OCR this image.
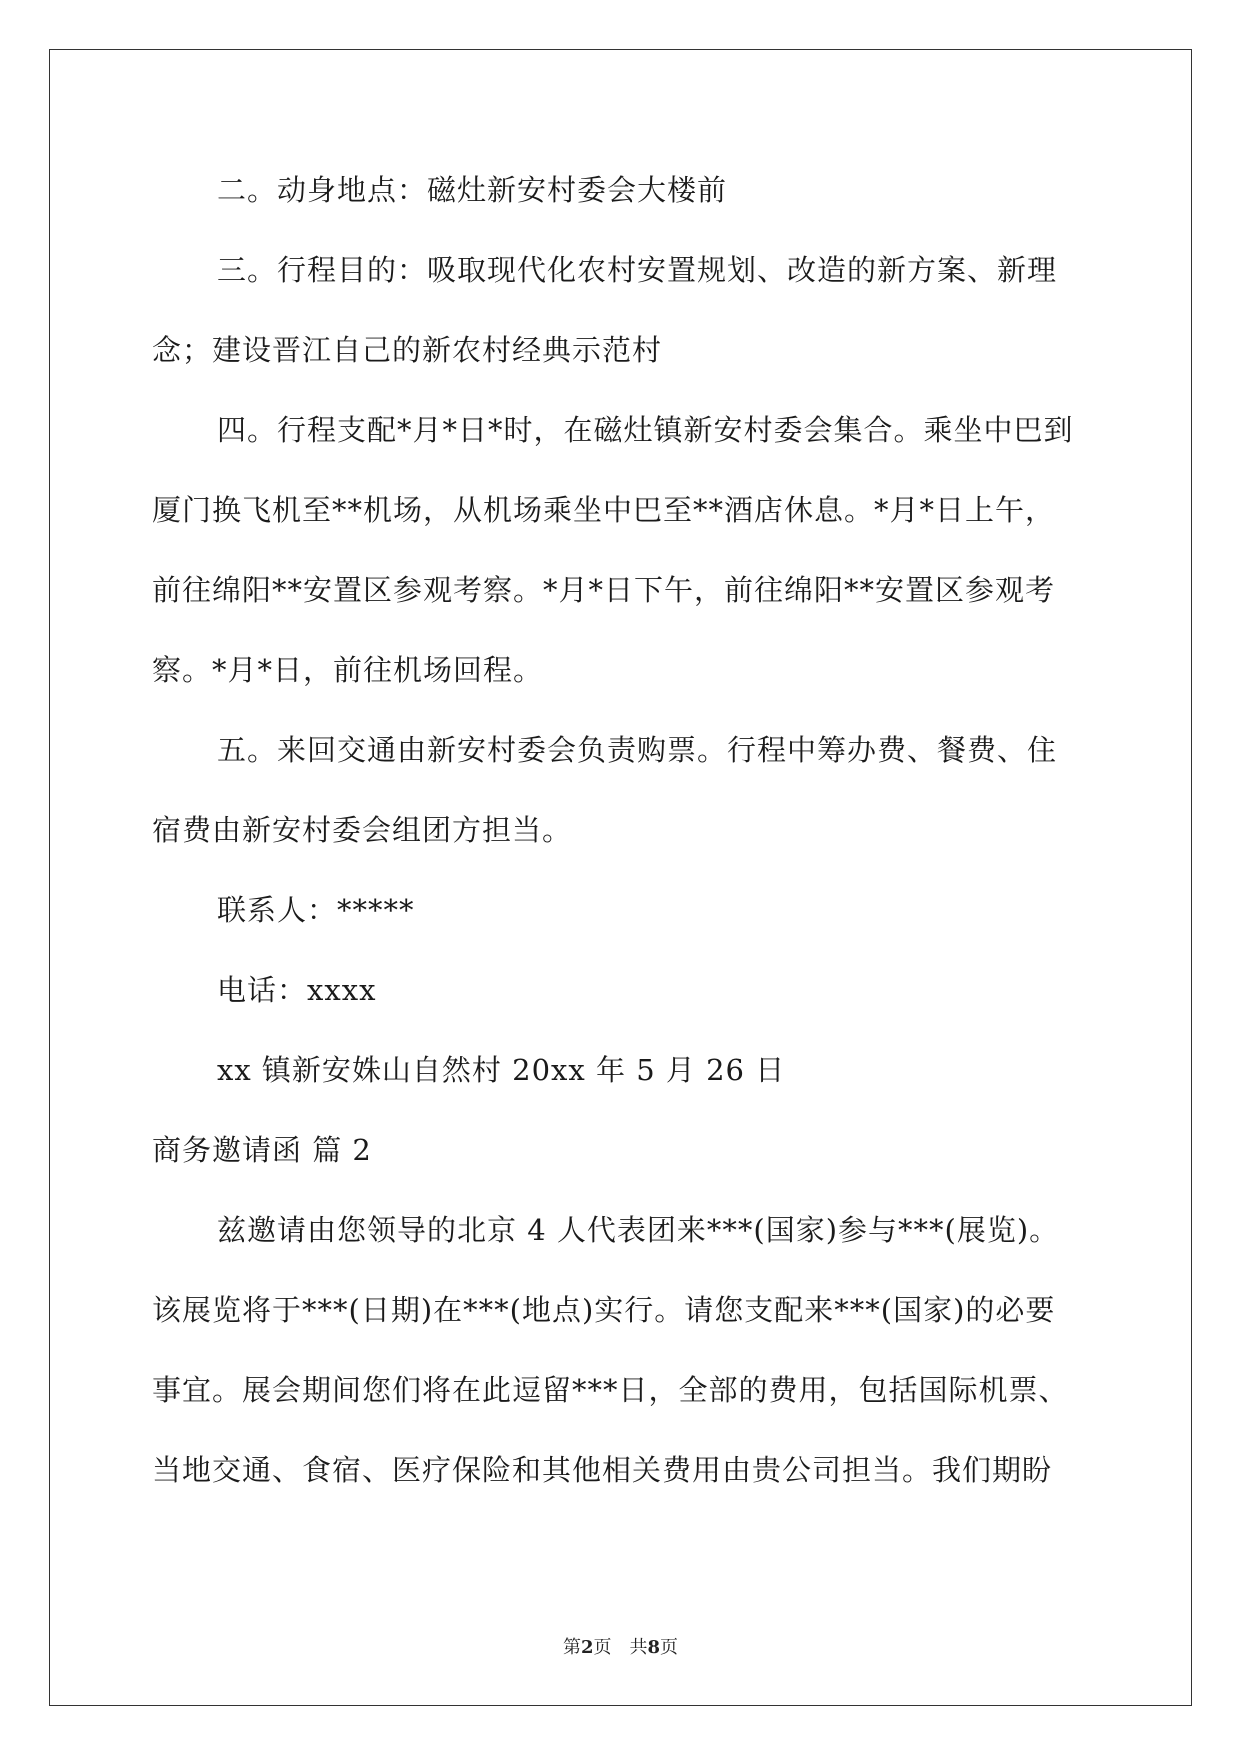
二。动身地点：磁灶新安村委会大楼前
三。行程目的：吸取现代化农村安置规划、改造的新方案、新理
念；建设晋江自己的新农村经典示范村
四。行程支配*月*日*时，在磁灶镇新安村委会集合。乘坐中巴到
厦门换飞机至**机场，从机场乘坐中巴至**酒店休息。*月*日上午，
前往绵阳**安置区参观考察。*月*日下午，前往绵阳**安置区参观考
察。*月*日，前往机场回程。
五。来回交通由新安村委会负责购票。行程中筹办费、餐费、住
宿费由新安村委会组团方担当。
联系人：*****
电话：xxxx
xx 镇新安姝山自然村 20xx 年 5 月 26 日
商务邀请函 篇 2
兹邀请由您领导的北京 4 人代表团来***(国家)参与***(展览)。
该展览将于***(日期)在***(地点)实行。请您支配来***(国家)的必要
事宜。展会期间您们将在此逗留***日，全部的费用，包括国际机票、
当地交通、食宿、医疗保险和其他相关费用由贵公司担当。我们期盼
第2页　共8页
